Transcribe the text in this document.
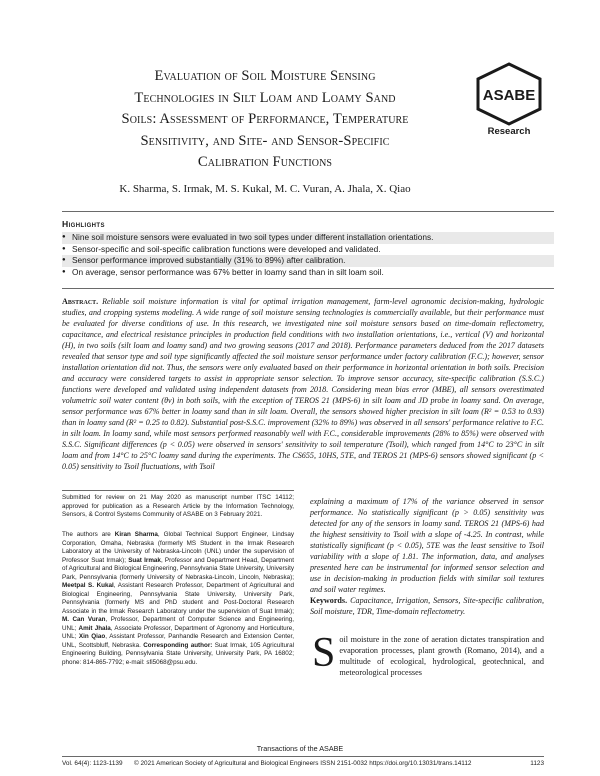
Evaluation of Soil Moisture Sensing
Technologies in Silt Loam and Loamy Sand
Soils: Assessment of Performance, Temperature
Sensitivity, and Site- and Sensor-Specific
Calibration Functions
ASABE
Research
K. Sharma, S. Irmak, M. S. Kukal, M. C. Vuran, A. Jhala, X. Qiao
Highlights
● Nine soil moisture sensors were evaluated in two soil types under different installation orientations.
● Sensor-specific and soil-specific calibration functions were developed and validated.
● Sensor performance improved substantially (31% to 89%) after calibration.
● On average, sensor performance was 67% better in loamy sand than in silt loam soil.
Abstract. Reliable soil moisture information is vital for optimal irrigation management, farm-level agronomic decision-making, hydrologic studies, and cropping systems modeling. A wide range of soil moisture sensing technologies is commercially available, but their performance must be evaluated for diverse conditions of use. In this research, we investigated nine soil moisture sensors based on time-domain reflectometry, capacitance, and electrical resistance principles in production field conditions with two installation orientations, i.e., vertical (V) and horizontal (H), in two soils (silt loam and loamy sand) and two growing seasons (2017 and 2018). Performance parameters deduced from the 2017 datasets revealed that sensor type and soil type significantly affected the soil moisture sensor performance under factory calibration (F.C.); however, sensor installation orientation did not. Thus, the sensors were only evaluated based on their performance in horizontal orientation in both soils. Precision and accuracy were considered targets to assist in appropriate sensor selection. To improve sensor accuracy, site-specific calibration (S.S.C.) functions were developed and validated using independent datasets from 2018. Considering mean bias error (MBE), all sensors overestimated volumetric soil water content (θv) in both soils, with the exception of TEROS 21 (MPS-6) in silt loam and JD probe in loamy sand. On average, sensor performance was 67% better in loamy sand than in silt loam. Overall, the sensors showed higher precision in silt loam (R² = 0.53 to 0.93) than in loamy sand (R² = 0.25 to 0.82). Substantial post-S.S.C. improvement (32% to 89%) was observed in all sensors' performance relative to F.C. in silt loam. In loamy sand, while most sensors performed reasonably well with F.C., considerable improvements (28% to 85%) were observed with S.S.C. Significant differences (p < 0.05) were observed in sensors' sensitivity to soil temperature (Tsoil), which ranged from 14°C to 23°C in silt loam and from 14°C to 25°C loamy sand during the experiments. The CS655, 10HS, 5TE, and TEROS 21 (MPS-6) sensors showed significant (p < 0.05) sensitivity to Tsoil fluctuations, with Tsoil
explaining a maximum of 17% of the variance observed in sensor performance. No statistically significant (p > 0.05) sensitivity was detected for any of the sensors in loamy sand. TEROS 21 (MPS-6) had the highest sensitivity to Tsoil with a slope of -4.25. In contrast, while statistically significant (p < 0.05), 5TE was the least sensitive to Tsoil variability with a slope of 1.81. The information, data, and analyses presented here can be instrumental for informed sensor selection and use in decision-making in production fields with similar soil textures and soil water regimes.
Keywords. Capacitance, Irrigation, Sensors, Site-specific calibration, Soil moisture, TDR, Time-domain reflectometry.
Submitted for review on 21 May 2020 as manuscript number ITSC 14112; approved for publication as a Research Article by the Information Technology, Sensors, & Control Systems Community of ASABE on 3 February 2021.
The authors are Kiran Sharma, Global Technical Support Engineer, Lindsay Corporation, Omaha, Nebraska (formerly MS Student in the Irmak Research Laboratory at the University of Nebraska-Lincoln (UNL) under the supervision of Professor Suat Irmak); Suat Irmak, Professor and Department Head, Department of Agricultural and Biological Engineering, Pennsylvania State University, University Park, Pennsylvania (formerly University of Nebraska-Lincoln, Lincoln, Nebraska); Meetpal S. Kukal, Assistant Research Professor, Department of Agricultural and Biological Engineering, Pennsylvania State University, University Park, Pennsylvania (formerly MS and PhD student and Post-Doctoral Research Associate in the Irmak Research Laboratory under the supervision of Suat Irmak); M. Can Vuran, Professor, Department of Computer Science and Engineering, UNL; Amit Jhala, Associate Professor, Department of Agronomy and Horticulture, UNL; Xin Qiao, Assistant Professor, Panhandle Research and Extension Center, UNL, Scottsbluff, Nebraska. Corresponding author: Suat Irmak, 105 Agricultural Engineering Building, Pennsylvania State University, University Park, PA 16802; phone: 814-865-7792; e-mail: sfi5068@psu.edu.	S oil moisture in the zone of aeration dictates transpiration and evaporation processes, plant growth (Romano, 2014), and a multitude of ecological, hydrological, geotechnical, and meteorological processes
Transactions of the ASABE
Vol. 64(4): 1123-1139 © 2021 American Society of Agricultural and Biological Engineers ISSN 2151-0032 https://doi.org/10.13031/trans.14112	1123
